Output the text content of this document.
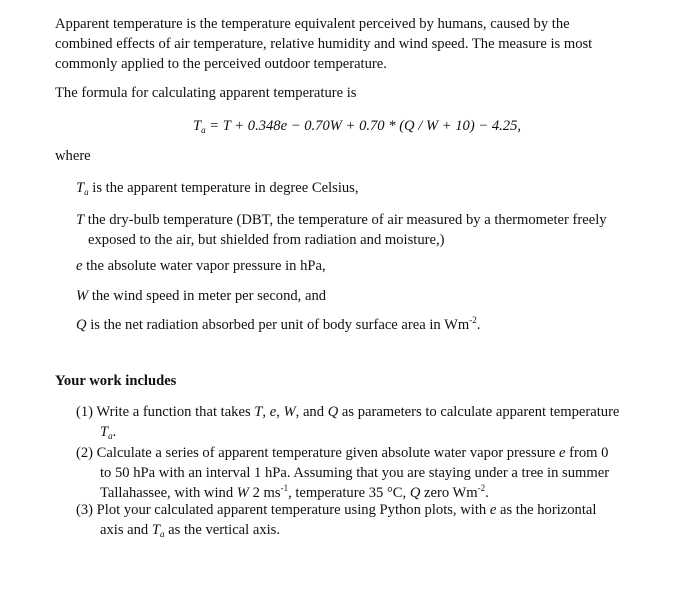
Apparent temperature is the temperature equivalent perceived by humans, caused by the
combined effects of air temperature, relative humidity and wind speed. The measure is most
commonly applied to the perceived outdoor temperature.
The formula for calculating apparent temperature is
$T_a = T + 0.348e - 0.70W + 0.70 * (Q / W + 10) - 4.25$,
where
$T_a$ is the apparent temperature in degree Celsius,
T the dry-bulb temperature (DBT, the temperature of air measured by a thermometer freely
exposed to the air, but shielded from radiation and moisture,)
e the absolute water vapor pressure in hPa,
W the wind speed in meter per second, and
Q is the net radiation absorbed per unit of body surface area in $Wm^{-2}$.
Your work includes
(1) Write a function that takes T, e, W, and Q as parameters to calculate apparent temperature
$T_a$.
(2) Calculate a series of apparent temperature given absolute water vapor pressure e from 0
to 50 hPa with an interval 1 hPa. Assuming that you are staying under a tree in summer
Tallahassee, with wind W 2 $ms^{-1}$, temperature 35 °C, Q zero $Wm^{-2}$.
(3) Plot your calculated apparent temperature using Python plots, with e as the horizontal
axis and $T_a$ as the vertical axis.
